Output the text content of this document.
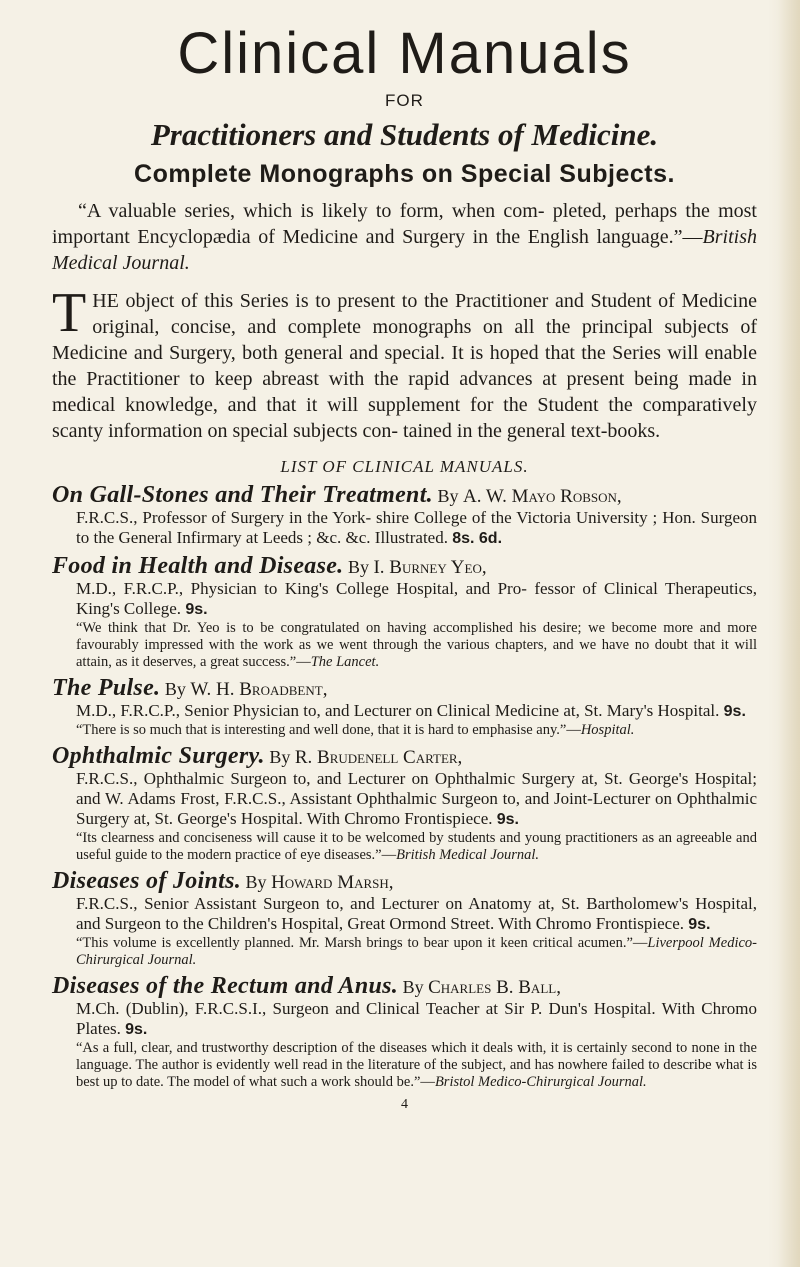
Clinical Manuals
FOR
Practitioners and Students of Medicine.
Complete Monographs on Special Subjects.
“A valuable series, which is likely to form, when com- pleted, perhaps the most important Encyclopædia of Medicine and Surgery in the English language.”—British Medical Journal.
T HE object of this Series is to present to the Practitioner and Student of Medicine original, concise, and complete monographs on all the principal subjects of Medicine and Surgery, both general and special. It is hoped that the Series will enable the Practitioner to keep abreast with the rapid advances at present being made in medical knowledge, and that it will supplement for the Student the comparatively scanty information on special subjects con- tained in the general text-books.

LIST OF CLINICAL MANUALS.

On Gall-Stones and Their Treatment. By A. W. Mayo Robson,

F.R.C.S., Professor of Surgery in the York- shire College of the Victoria University ; Hon. Surgeon to the General Infirmary at Leeds ; &c. &c. Illustrated. 8s. 6d.

Food in Health and Disease. By I. Burney Yeo,

M.D., F.R.C.P., Physician to King's College Hospital, and Pro- fessor of Clinical Therapeutics, King's College. 9s.

“We think that Dr. Yeo is to be congratulated on having accomplished his desire; we become more and more favourably impressed with the work as we went through the various chapters, and we have no doubt that it will attain, as it deserves, a great success.”—The Lancet.

The Pulse. By W. H. Broadbent,

M.D., F.R.C.P., Senior Physician to, and Lecturer on Clinical Medicine at, St. Mary's Hospital. 9s.

“There is so much that is interesting and well done, that it is hard to emphasise any.”—Hospital.

Ophthalmic Surgery. By R. Brudenell Carter,

F.R.C.S., Ophthalmic Surgeon to, and Lecturer on Ophthalmic Surgery at, St. George's Hospital; and W. Adams Frost, F.R.C.S., Assistant Ophthalmic Surgeon to, and Joint-Lecturer on Ophthalmic Surgery at, St. George's Hospital. With Chromo Frontispiece. 9s.

“Its clearness and conciseness will cause it to be welcomed by students and young practitioners as an agreeable and useful guide to the modern practice of eye diseases.”—British Medical Journal.

Diseases of Joints. By Howard Marsh,

F.R.C.S., Senior Assistant Surgeon to, and Lecturer on Anatomy at, St. Bartholomew's Hospital, and Surgeon to the Children's Hospital, Great Ormond Street. With Chromo Frontispiece. 9s.

“This volume is excellently planned. Mr. Marsh brings to bear upon it keen critical acumen.”—Liverpool Medico-Chirurgical Journal.

Diseases of the Rectum and Anus. By Charles B. Ball,

M.Ch. (Dublin), F.R.C.S.I., Surgeon and Clinical Teacher at Sir P. Dun's Hospital. With Chromo Plates. 9s.

“As a full, clear, and trustworthy description of the diseases which it deals with, it is certainly second to none in the language. The author is evidently well read in the literature of the subject, and has nowhere failed to describe what is best up to date. The model of what such a work should be.”—Bristol Medico-Chirurgical Journal.

4
